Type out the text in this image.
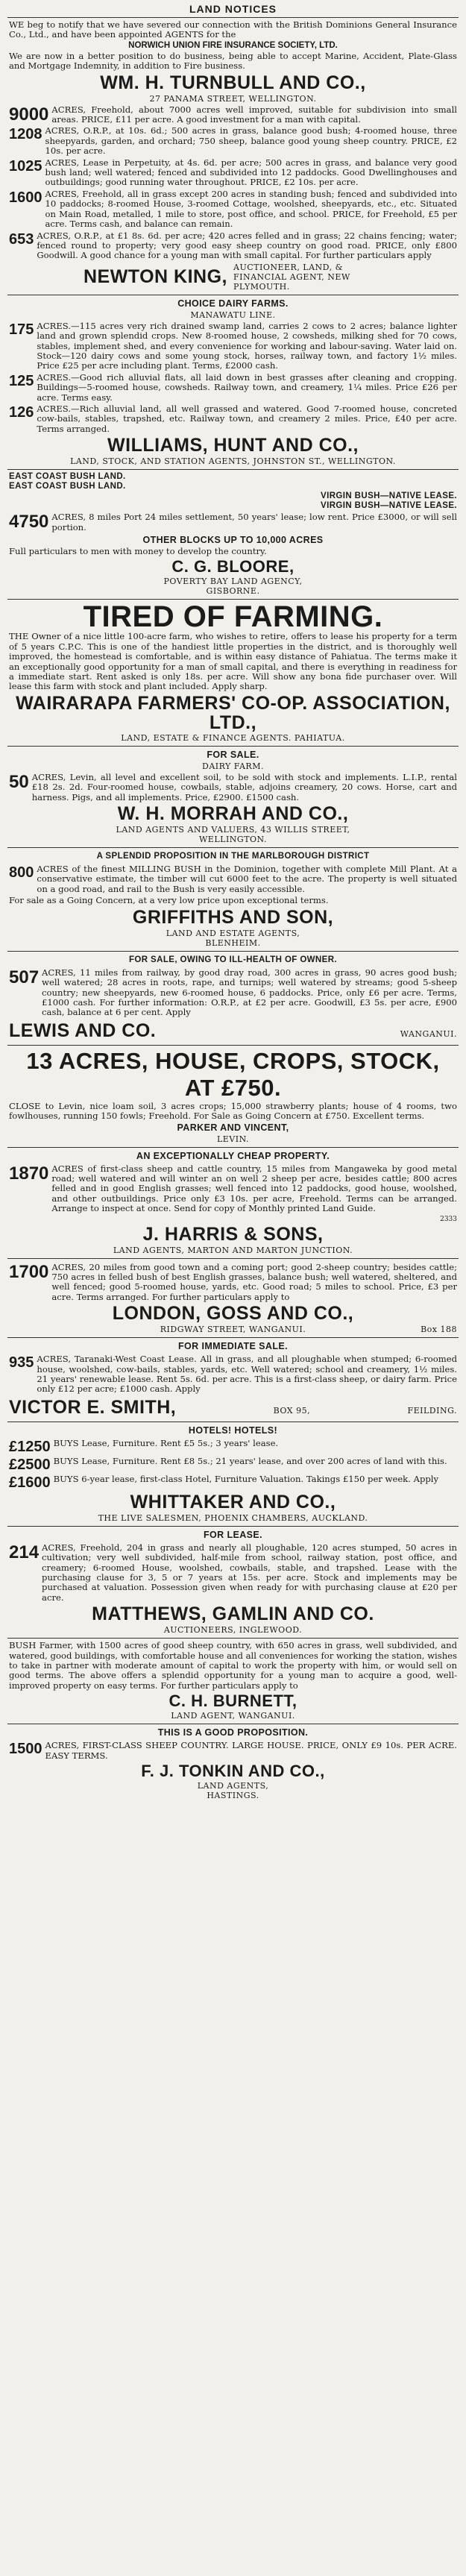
LAND NOTICES

WE beg to notify that we have severed our connection with the British Dominions General Insurance Co., Ltd., and have been appointed AGENTS for the

NORWICH UNION FIRE INSURANCE SOCIETY, LTD.

We are now in a better position to do business, being able to accept Marine, Accident, Plate-Glass and Mortgage Indemnity, in addition to Fire business.

WM. H. TURNBULL AND CO.,
27 PANAMA STREET, WELLINGTON.
9000 ACRES, Freehold, about 7000 acres well improved, suitable for subdivision into small areas. PRICE, £11 per acre. A good investment for a man with capital.
1208 ACRES, O.R.P., at 10s. 6d.; 500 acres in grass, balance good bush; 4-roomed house, three sheepyards, garden, and orchard; 750 sheep, balance good young sheep country. PRICE, £2 10s. per acre.
1025 ACRES, Lease in Perpetuity, at 4s. 6d. per acre; 500 acres in grass, and balance very good bush land; well watered; fenced and subdivided into 12 paddocks. Good Dwellinghouses and outbuildings; good running water throughout. PRICE, £2 10s. per acre.
1600 ACRES, Freehold, all in grass except 200 acres in standing bush; fenced and subdivided into 10 paddocks; 8-roomed House, 3-roomed Cottage, woolshed, sheepyards, etc., etc. Situated on Main Road, metalled, 1 mile to store, post office, and school. PRICE, for Freehold, £5 per acre. Terms cash, and balance can remain.
653 ACRES, O.R.P., at £1 8s. 6d. per acre; 420 acres felled and in grass; 22 chains fencing; water; fenced round to property; very good easy sheep country on good road. PRICE, only £800 Goodwill. A good chance for a young man with small capital. For further particulars apply
NEWTON KING, AUCTIONEER, LAND, & FINANCIAL AGENT, NEW PLYMOUTH.
CHOICE DAIRY FARMS.
MANAWATU LINE.
175 ACRES.—115 acres very rich drained swamp land, carries 2 cows to 2 acres; balance lighter land and grown splendid crops. New 8-roomed house, 2 cowsheds, milking shed for 70 cows, stables, implement shed, and every convenience for working and labour-saving. Water laid on. Stock—120 dairy cows and some young stock, horses, railway town, and factory 1½ miles. Price £25 per acre including plant. Terms, £2000 cash.
125 ACRES.—Good rich alluvial flats, all laid down in best grasses after cleaning and cropping. Buildings—5-roomed house, cowsheds. Railway town, and creamery, 1¼ miles. Price £26 per acre. Terms easy.
126 ACRES.—Rich alluvial land, all well grassed and watered. Good 7-roomed house, concreted cow-bails, stables, trapshed, etc. Railway town, and creamery 2 miles. Price, £40 per acre. Terms arranged.
WILLIAMS, HUNT AND CO.,
LAND, STOCK, AND STATION AGENTS, JOHNSTON ST., WELLINGTON.
EAST COAST BUSH LAND.
EAST COAST BUSH LAND.
VIRGIN BUSH—NATIVE LEASE.
VIRGIN BUSH—NATIVE LEASE.
4750 ACRES, 8 miles Port 24 miles settlement, 50 years' lease; low rent. Price £3000, or will sell portion.
OTHER BLOCKS UP TO 10,000 ACRES

Full particulars to men with money to develop the country.

C. G. BLOORE,
POVERTY BAY LAND AGENCY,
GISBORNE.
TIRED OF FARMING.

THE Owner of a nice little 100-acre farm, who wishes to retire, offers to lease his property for a term of 5 years C.P.C. This is one of the handiest little properties in the district, and is thoroughly well improved, the homestead is comfortable, and is within easy distance of Pahiatua. The terms make it an exceptionally good opportunity for a man of small capital, and there is everything in readiness for a immediate start. Rent asked is only 18s. per acre. Will show any bona fide purchaser over. Will lease this farm with stock and plant included. Apply sharp.

WAIRARAPA FARMERS' CO-OP. ASSOCIATION, LTD.,
LAND, ESTATE & FINANCE AGENTS. PAHIATUA.
FOR SALE.
DAIRY FARM.
50 ACRES, Levin, all level and excellent soil, to be sold with stock and implements. L.I.P., rental £18 2s. 2d. Four-roomed house, cowbails, stable, adjoins creamery, 20 cows. Horse, cart and harness. Pigs, and all implements. Price, £2900. £1500 cash.
W. H. MORRAH AND CO.,
LAND AGENTS AND VALUERS, 43 WILLIS STREET,
WELLINGTON.
A SPLENDID PROPOSITION IN THE MARLBOROUGH DISTRICT
800 ACRES of the finest MILLING BUSH in the Dominion, together with complete Mill Plant. At a conservative estimate, the timber will cut 6000 feet to the acre. The property is well situated on a good road, and rail to the Bush is very easily accessible.

For sale as a Going Concern, at a very low price upon exceptional terms.

GRIFFITHS AND SON,
LAND AND ESTATE AGENTS,
BLENHEIM.
FOR SALE, OWING TO ILL-HEALTH OF OWNER.
507 ACRES, 11 miles from railway, by good dray road, 300 acres in grass, 90 acres good bush; well watered; 28 acres in roots, rape, and turnips; well watered by streams; good 5-sheep country; new sheepyards, new 6-roomed house, 6 paddocks. Price, only £6 per acre. Terms, £1000 cash. For further information: O.R.P., at £2 per acre. Goodwill, £3 5s. per acre, £900 cash, balance at 6 per cent. Apply
LEWIS AND CO.	WANGANUI.
13 ACRES, HOUSE, CROPS, STOCK, AT £750.

CLOSE to Levin, nice loam soil, 3 acres crops; 15,000 strawberry plants; house of 4 rooms, two fowlhouses, running 150 fowls; Freehold. For Sale as Going Concern at £750. Excellent terms.

PARKER AND VINCENT,
LEVIN.
AN EXCEPTIONALLY CHEAP PROPERTY.
1870 ACRES of first-class sheep and cattle country, 15 miles from Mangaweka by good metal road; well watered and will winter an on well 2 sheep per acre, besides cattle; 800 acres felled and in good English grasses; well fenced into 12 paddocks, good house, woolshed, and other outbuildings. Price only £3 10s. per acre, Freehold. Terms can be arranged. Arrange to inspect at once. Send for copy of Monthly printed Land Guide.

2333

J. HARRIS & SONS,
LAND AGENTS, MARTON AND MARTON JUNCTION.
1700 ACRES, 20 miles from good town and a coming port; good 2-sheep country; besides cattle; 750 acres in felled bush of best English grasses, balance bush; well watered, sheltered, and well fenced; good 5-roomed house, yards, etc. Good road; 5 miles to school. Price, £3 per acre. Terms arranged. For further particulars apply to
LONDON, GOSS AND CO.,
RIDGWAY STREET, WANGANUI.	Box 188
FOR IMMEDIATE SALE.
935 ACRES, Taranaki-West Coast Lease. All in grass, and all ploughable when stumped; 6-roomed house, woolshed, cow-bails, stables, yards, etc. Well watered; school and creamery, 1½ miles. 21 years' renewable lease. Rent 5s. 6d. per acre. This is a first-class sheep, or dairy farm. Price only £12 per acre; £1000 cash. Apply
VICTOR E. SMITH,	BOX 95,	FEILDING.
HOTELS! HOTELS!
£1250 BUYS Lease, Furniture. Rent £5 5s.; 3 years' lease.
£2500 BUYS Lease, Furniture. Rent £8 5s.; 21 years' lease, and over 200 acres of land with this.
£1600 BUYS 6-year lease, first-class Hotel, Furniture Valuation. Takings £150 per week. Apply
WHITTAKER AND CO.,
THE LIVE SALESMEN, PHOENIX CHAMBERS, AUCKLAND.
FOR LEASE.
214 ACRES, Freehold, 204 in grass and nearly all ploughable, 120 acres stumped, 50 acres in cultivation; very well subdivided, half-mile from school, railway station, post office, and creamery; 6-roomed House, woolshed, cowbails, stable, and trapshed. Lease with the purchasing clause for 3, 5 or 7 years at 15s. per acre. Stock and implements may be purchased at valuation. Possession given when ready for with purchasing clause at £20 per acre.
MATTHEWS, GAMLIN AND CO.
AUCTIONEERS, INGLEWOOD.

BUSH Farmer, with 1500 acres of good sheep country, with 650 acres in grass, well subdivided, and watered, good buildings, with comfortable house and all conveniences for working the station, wishes to take in partner with moderate amount of capital to work the property with him, or would sell on good terms. The above offers a splendid opportunity for a young man to acquire a good, well-improved property on easy terms. For further particulars apply to

C. H. BURNETT,
LAND AGENT, WANGANUI.
THIS IS A GOOD PROPOSITION.
1500 ACRES, FIRST-CLASS SHEEP COUNTRY. LARGE HOUSE. PRICE, ONLY £9 10s. PER ACRE. EASY TERMS.
F. J. TONKIN AND CO.,
LAND AGENTS,
HASTINGS.
